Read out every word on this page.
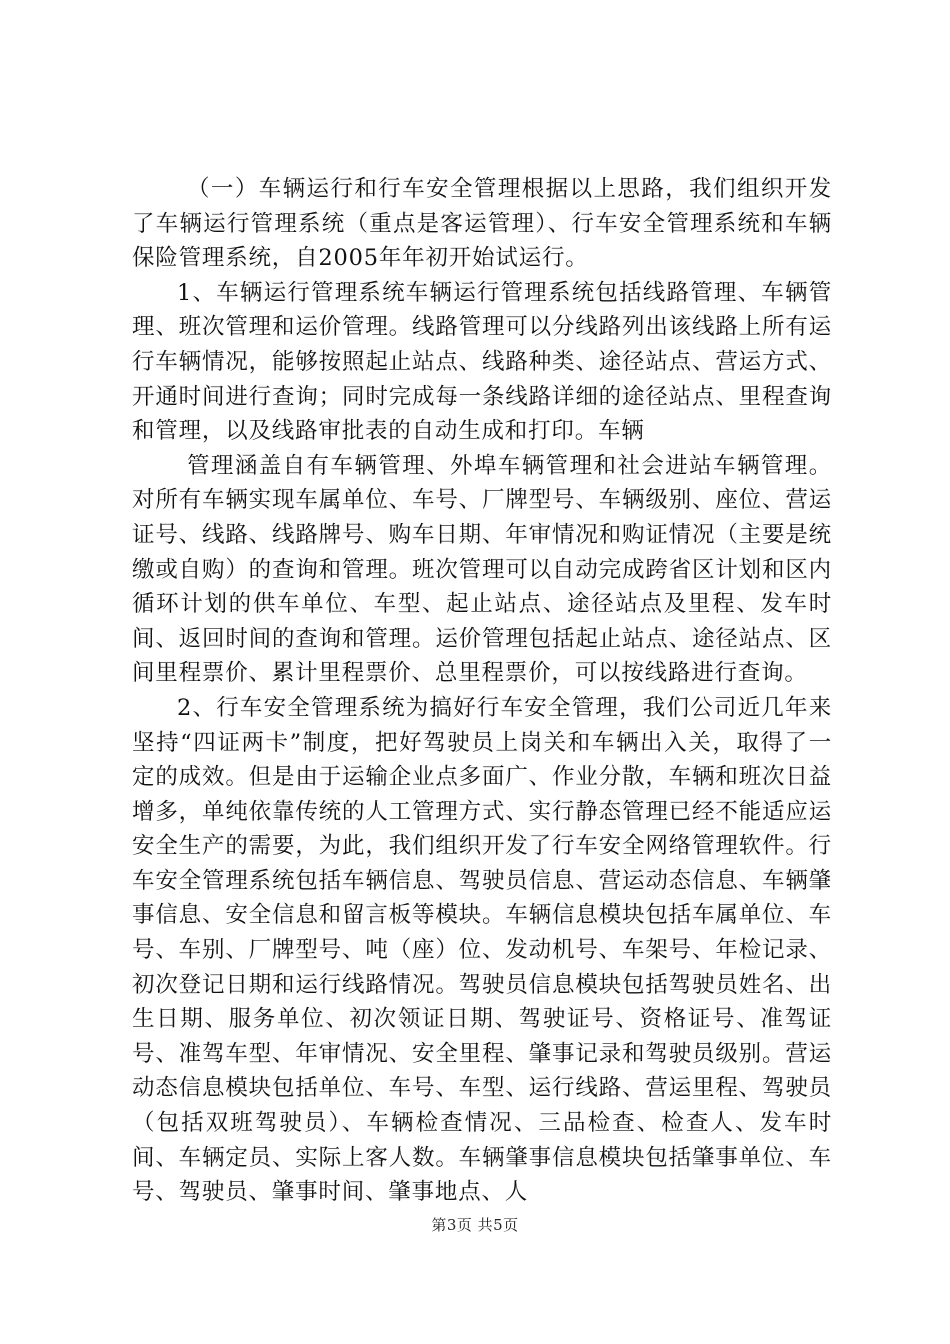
（一）车辆运行和行车安全管理根据以上思路，我们组织开发了车辆运行管理系统（重点是客运管理）、行车安全管理系统和车辆保险管理系统，自2005年年初开始试运行。

1、车辆运行管理系统车辆运行管理系统包括线路管理、车辆管理、班次管理和运价管理。线路管理可以分线路列出该线路上所有运行车辆情况，能够按照起止站点、线路种类、途径站点、营运方式、开通时间进行查询；同时完成每一条线路详细的途径站点、里程查询和管理，以及线路审批表的自动生成和打印。车辆

管理涵盖自有车辆管理、外埠车辆管理和社会进站车辆管理。对所有车辆实现车属单位、车号、厂牌型号、车辆级别、座位、营运证号、线路、线路牌号、购车日期、年审情况和购证情况（主要是统缴或自购）的查询和管理。班次管理可以自动完成跨省区计划和区内循环计划的供车单位、车型、起止站点、途径站点及里程、发车时间、返回时间的查询和管理。运价管理包括起止站点、途径站点、区间里程票价、累计里程票价、总里程票价，可以按线路进行查询。

2、行车安全管理系统为搞好行车安全管理，我们公司近几年来坚持“四证两卡”制度，把好驾驶员上岗关和车辆出入关，取得了一定的成效。但是由于运输企业点多面广、作业分散，车辆和班次日益增多，单纯依靠传统的人工管理方式、实行静态管理已经不能适应运安全生产的需要，为此，我们组织开发了行车安全网络管理软件。行车安全管理系统包括车辆信息、驾驶员信息、营运动态信息、车辆肇事信息、安全信息和留言板等模块。车辆信息模块包括车属单位、车号、车别、厂牌型号、吨（座）位、发动机号、车架号、年检记录、初次登记日期和运行线路情况。驾驶员信息模块包括驾驶员姓名、出生日期、服务单位、初次领证日期、驾驶证号、资格证号、准驾证号、准驾车型、年审情况、安全里程、肇事记录和驾驶员级别。营运动态信息模块包括单位、车号、车型、运行线路、营运里程、驾驶员（包括双班驾驶员）、车辆检查情况、三品检查、检查人、发车时间、车辆定员、实际上客人数。车辆肇事信息模块包括肇事单位、车号、驾驶员、肇事时间、肇事地点、人

第3页 共5页
